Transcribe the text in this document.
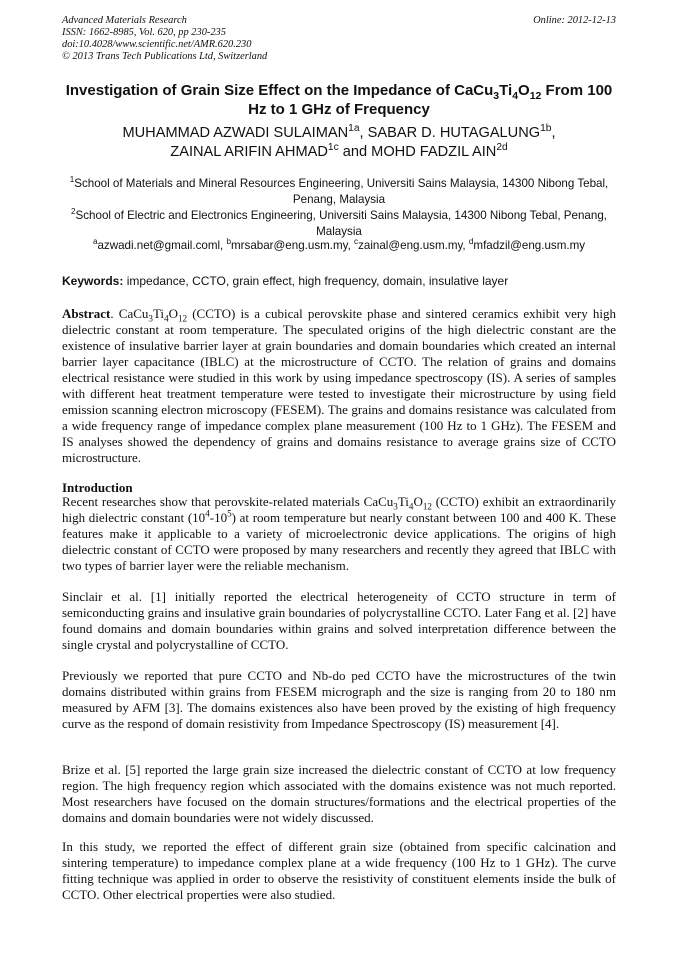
Advanced Materials Research
ISSN: 1662-8985, Vol. 620, pp 230-235
doi:10.4028/www.scientific.net/AMR.620.230
© 2013 Trans Tech Publications Ltd, Switzerland
Online: 2012-12-13
Investigation of Grain Size Effect on the Impedance of $CaCu_3Ti_4O_{12}$ From 100 Hz to 1 GHz of Frequency
MUHAMMAD AZWADI $SULAIMAN^{1a}$, SABAR D. $HUTAGALUNG^{1b}$,
ZAINAL ARIFIN $AHMAD^{1c}$ and MOHD FADZIL $AIN^{2d}$
$^1$School of Materials and Mineral Resources Engineering, Universiti Sains Malaysia, 14300 Nibong Tebal, Penang, Malaysia
$^2$School of Electric and Electronics Engineering, Universiti Sains Malaysia, 14300 Nibong Tebal, Penang, Malaysia
$^a$azwadi.net@gmail.coml, $^b$mrsabar@eng.usm.my, $^c$zainal@eng.usm.my, $^d$mfadzil@eng.usm.my
Keywords: impedance, CCTO, grain effect, high frequency, domain, insulative layer
Abstract. $CaCu_3Ti_4O_{12}$ (CCTO) is a cubical perovskite phase and sintered ceramics exhibit very high dielectric constant at room temperature. The speculated origins of the high dielectric constant are the existence of insulative barrier layer at grain boundaries and domain boundaries which created an internal barrier layer capacitance (IBLC) at the microstructure of CCTO. The relation of grains and domains electrical resistance were studied in this work by using impedance spectroscopy (IS). A series of samples with different heat treatment temperature were tested to investigate their microstructure by using field emission scanning electron microscopy (FESEM). The grains and domains resistance was calculated from a wide frequency range of impedance complex plane measurement (100 Hz to 1 GHz). The FESEM and IS analyses showed the dependency of grains and domains resistance to average grains size of CCTO microstructure.
Introduction
Recent researches show that perovskite-related materials $CaCu_3Ti_4O_{12}$ (CCTO) exhibit an extraordinarily high dielectric constant $(10^4-10^5)$ at room temperature but nearly constant between 100 and 400 K. These features make it applicable to a variety of microelectronic device applications. The origins of high dielectric constant of CCTO were proposed by many researchers and recently they agreed that IBLC with two types of barrier layer were the reliable mechanism.
Sinclair et al. [1] initially reported the electrical heterogeneity of CCTO structure in term of semiconducting grains and insulative grain boundaries of polycrystalline CCTO. Later Fang et al. [2] have found domains and domain boundaries within grains and solved interpretation difference between the single crystal and polycrystalline of CCTO.
Previously we reported that pure CCTO and Nb-do ped CCTO have the microstructures of the twin domains distributed within grains from FESEM micrograph and the size is ranging from 20 to 180 nm measured by AFM [3]. The domains existences also have been proved by the existing of high frequency curve as the respond of domain resistivity from Impedance Spectroscopy (IS) measurement [4].
Brize et al. [5] reported the large grain size increased the dielectric constant of CCTO at low frequency region. The high frequency region which associated with the domains existence was not much reported. Most researchers have focused on the domain structures/formations and the electrical properties of the domains and domain boundaries were not widely discussed.
In this study, we reported the effect of different grain size (obtained from specific calcination and sintering temperature) to impedance complex plane at a wide frequency (100 Hz to 1 GHz). The curve fitting technique was applied in order to observe the resistivity of constituent elements inside the bulk of CCTO. Other electrical properties were also studied.
